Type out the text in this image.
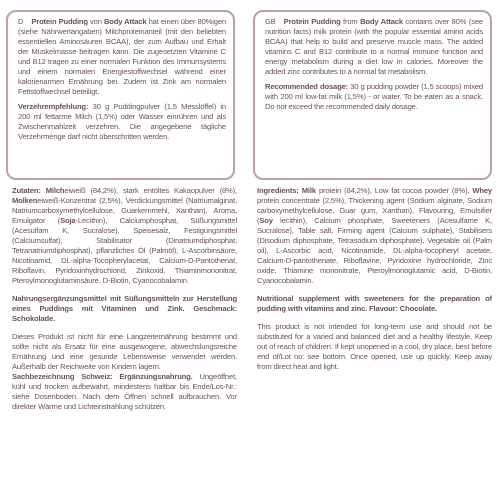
D Protein Pudding von Body Attack hat einen über 80%igen (siehe Nährwertangaben) Milchproteinanteil (mit den beliebten essentiellen Aminosäuren BCAA), der zum Aufbau und Erhalt der Muskelmasse beitragen kann. Die zugesetzten Vitamine C und B12 tragen zu einer normalen Funktion des Immunsystems und einem normalen Energiestoffwechsel während einer kalorienarmen Ernährung bei. Zudem ist Zink am normalen Fettstoffwechsel beteiligt.

Verzehrempfehlung: 30 g Puddingpulver (1,5 Messlöffel) in 200 ml fettarme Milch (1,5%) oder Wasser einrühren und als Zwischenmahlzeit verzehren. Die angegebene tägliche Verzehrmenge darf nicht überschritten werden.

GB Protein Pudding from Body Attack contains over 80% (see nutrition facts) milk protein (with the popular essential amino acids BCAA) that help to build and preserve muscle mass. The added vitamins C and B12 contribute to a normal immune function and energy metabolism during a diet low in calories. Moreover the added zinc contributes to a normal fat metabolism.

Recommended dosage: 30 g pudding powder (1,5 scoops) mixed with 200 ml low-fat milk (1,5%) - or water. To be eaten as a snack. Do not exceed the recommended daily dosage.

Zutaten: Milcheiweiß (84,2%), stark entöltes Kakaopulver (8%), Molkeneiweiß-Konzentrat (2,5%), Verdickungsmittel (Natriumalginat, Natriumcarboxymethylcellulose, Guarkernmehl, Xanthan), Aroma, Emulgator (Soja-Lecithin), Calciumphosphat, Süßungsmittel (Acesulfam K, Sucralose), Speisesalz, Festigungsmittel (Calciumsulfat), Stabilisator (Dinatriumdiphosphat, Tetranatriumdiphosphat), pflanzliches Öl (Palmöl), L-Ascorbinsäure, Nicotinamid, DL-alpha-Tocopherylacetat, Calcium-D-Pantothenat, Riboflavin, Pyridoxinhydrochlorid, Zinkoxid, Thiaminmononitrat, Pteroylmonoglutaminsäure, D-Biotin, Cyanocobalamin.

Nahrungsergänzungsmittel mit Süßungsmitteln zur Herstellung eines Puddings mit Vitaminen und Zink. Geschmack: Schokolade.

Dieses Produkt ist nicht für eine Langzeiternährung bestimmt und sollte nicht als Ersatz für eine ausgewogene, abwechslungsreiche Ernährung und eine gesunde Lebensweise verwendet werden. Außerhalb der Reichweite von Kindern lagern.

Sachbezeichnung Schweiz: Ergänzungsnahrung. Ungeöffnet, kühl und trocken aufbewahrt, mindestens haltbar bis Ende/Los-Nr.: siehe Dosenboden. Nach dem Öffnen schnell aufbrauchen. Vor direkter Wärme und Lichteinstrahlung schützen.

Ingredients: Milk protein (84,2%), Low fat cocoa powder (8%), Whey protein concentrate (2,5%), Thickening agent (Sodium alginate, Sodium carboxymethylcellulose, Guar gum, Xanthan), Flavouring, Emulsifier (Soy lecithin), Calcium phosphate, Sweeteners (Acesulfame K, Sucralose), Table salt, Firming agent (Calcium sulphate), Stabilisers (Disodium diphosphate, Tetrasodium diphosphate), Vegetable oil (Palm oil), L-Ascorbic acid, Nicotinamide, DL-alpha-tocopheryl acetate, Calcium-D-pantothenate, Riboflavine, Pyridoxine hydrochloride, Zinc oxide, Thiamine mononitrate, Pteroylmonoglutamic acid, D-Biotin, Cyanocobalamin.

Nutritional supplement with sweeteners for the preparation of pudding with vitamins and zinc. Flavour: Chocolate.

This product is not intended for long-term use and should not be substituted for a varied and balanced diet and a healthy lifestyle. Keep out of reach of children. If kept unopened in a cool, dry place, best before end of/Lot no: see bottom. Once opened, use up quickly. Keep away from direct heat and light.
